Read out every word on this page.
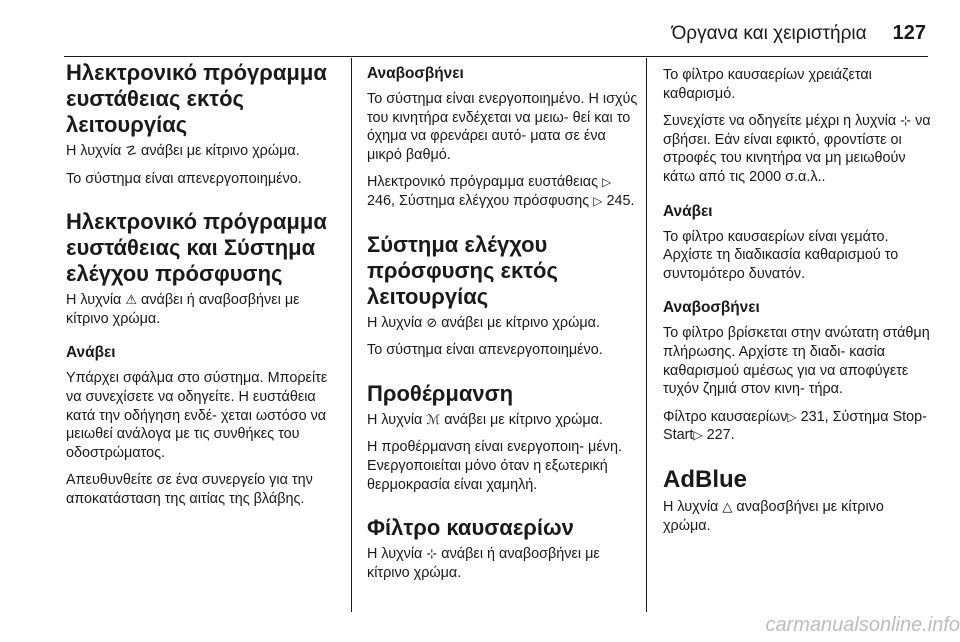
Όργανα και χειριστήρια 127
Ηλεκτρονικό πρόγραμμα ευστάθειας εκτός λειτουργίας

Η λυχνία ☡ ανάβει με κίτρινο χρώμα.

Το σύστημα είναι απενεργοποιημένο.

Ηλεκτρονικό πρόγραμμα ευστάθειας και Σύστημα ελέγχου πρόσφυσης

Η λυχνία ⚠ ανάβει ή αναβοσβήνει με κίτρινο χρώμα.

Ανάβει

Υπάρχει σφάλμα στο σύστημα. Μπορείτε να συνεχίσετε να οδηγείτε. Η ευστάθεια κατά την οδήγηση ενδέ- χεται ωστόσο να μειωθεί ανάλογα με τις συνθήκες του οδοστρώματος.

Απευθυνθείτε σε ένα συνεργείο για την αποκατάσταση της αιτίας της βλάβης.

Αναβοσβήνει

Το σύστημα είναι ενεργοποιημένο. Η ισχύς του κινητήρα ενδέχεται να μειω- θεί και το όχημα να φρενάρει αυτό- ματα σε ένα μικρό βαθμό.

Ηλεκτρονικό πρόγραμμα ευστάθειας ▷ 246, Σύστημα ελέγχου πρόσφυσης ▷ 245.

Σύστημα ελέγχου πρόσφυσης εκτός λειτουργίας

Η λυχνία ⊘ ανάβει με κίτρινο χρώμα.

Το σύστημα είναι απενεργοποιημένο.

Προθέρμανση

Η λυχνία ℳ ανάβει με κίτρινο χρώμα.

Η προθέρμανση είναι ενεργοποιη- μένη. Ενεργοποιείται μόνο όταν η εξωτερική θερμοκρασία είναι χαμηλή.

Φίλτρο καυσαερίων

Η λυχνία ⊹ ανάβει ή αναβοσβήνει με κίτρινο χρώμα.

Το φίλτρο καυσαερίων χρειάζεται καθαρισμό.

Συνεχίστε να οδηγείτε μέχρι η λυχνία ⊹ να σβήσει. Εάν είναι εφικτό, φροντίστε οι στροφές του κινητήρα να μη μειωθούν κάτω από τις 2000 σ.α.λ..

Ανάβει

Το φίλτρο καυσαερίων είναι γεμάτο. Αρχίστε τη διαδικασία καθαρισμού το συντομότερο δυνατόν.

Αναβοσβήνει

Το φίλτρο βρίσκεται στην ανώτατη στάθμη πλήρωσης. Αρχίστε τη διαδι- κασία καθαρισμού αμέσως για να αποφύγετε τυχόν ζημιά στον κινη- τήρα.

Φίλτρο καυσαερίων▷ 231, Σύστημα Stop-Start▷ 227.

AdBlue

Η λυχνία △ αναβοσβήνει με κίτρινο χρώμα.

carmanualsonline.info
